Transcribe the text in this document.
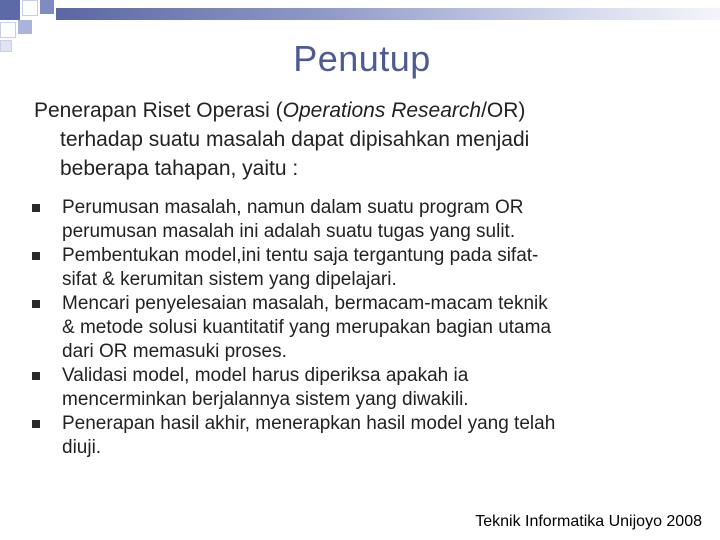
Penutup
Penerapan Riset Operasi (Operations Research/OR)
terhadap suatu masalah dapat dipisahkan menjadi
beberapa tahapan, yaitu :
Perumusan masalah, namun dalam suatu program OR
perumusan masalah ini adalah suatu tugas yang sulit.
Pembentukan model,ini tentu saja tergantung pada sifat-
sifat & kerumitan sistem yang dipelajari.
Mencari penyelesaian masalah, bermacam-macam teknik
& metode solusi kuantitatif yang merupakan bagian utama
dari OR memasuki proses.
Validasi model, model harus diperiksa apakah ia
mencerminkan berjalannya sistem yang diwakili.
Penerapan hasil akhir, menerapkan hasil model yang telah
diuji.
Teknik Informatika Unijoyo 2008
